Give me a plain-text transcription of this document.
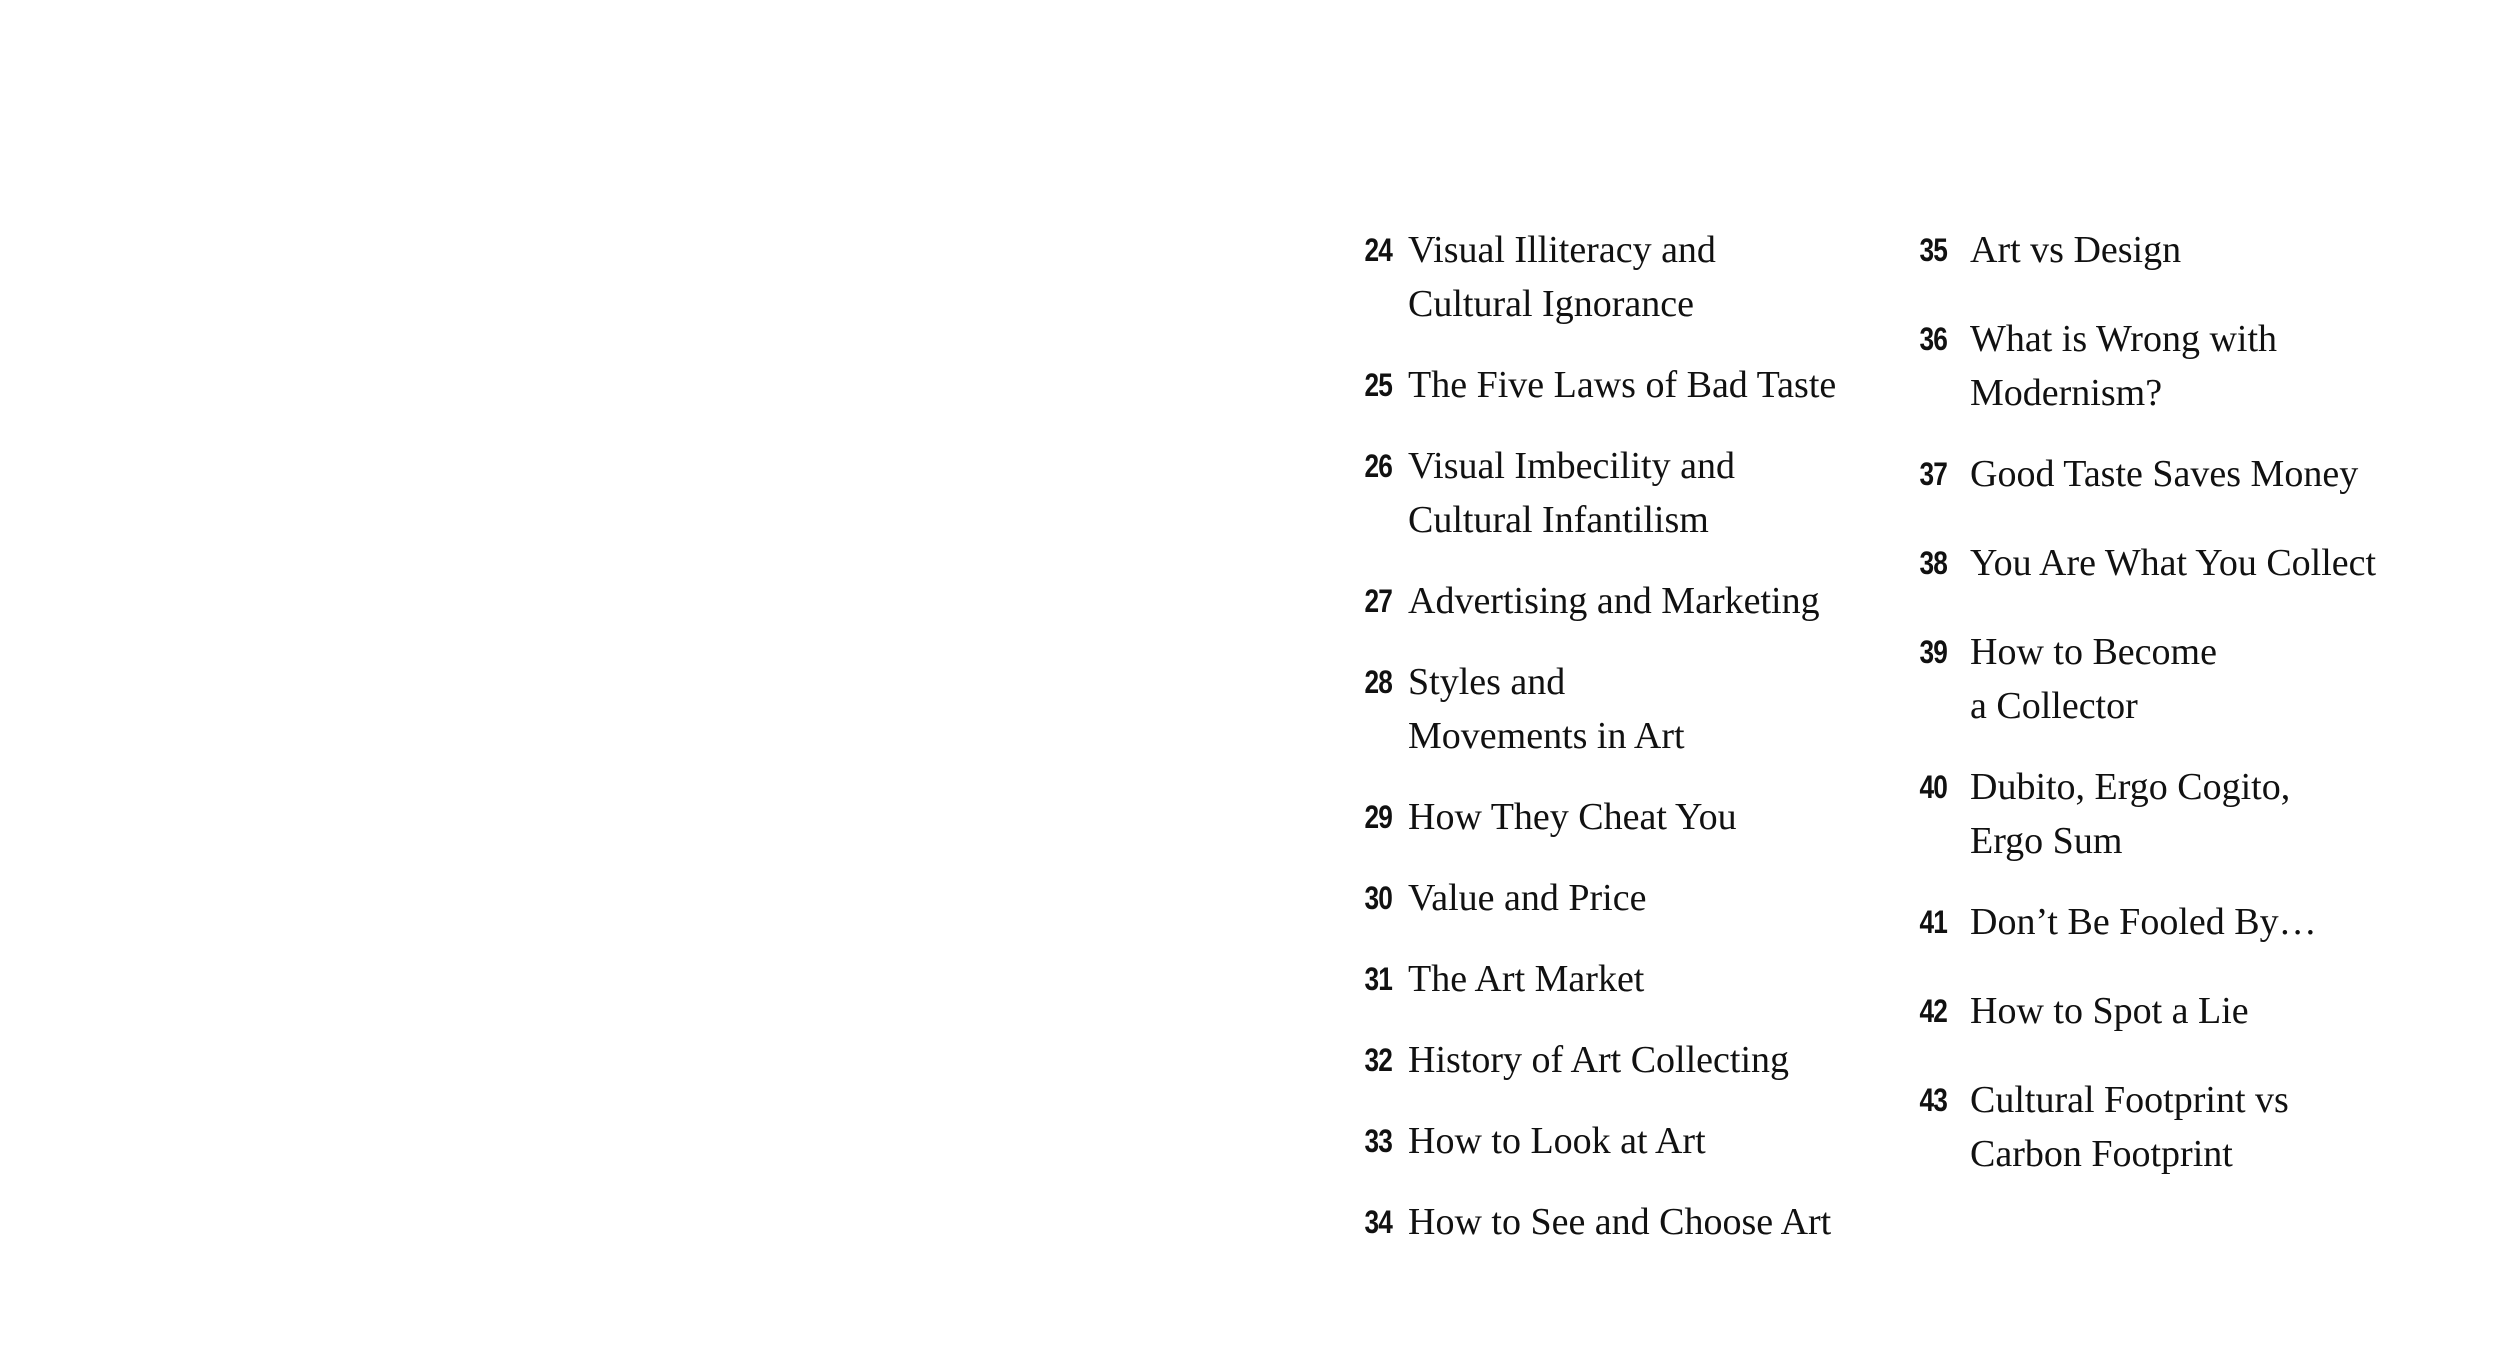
24 Visual Illiteracy and
Cultural Ignorance
25 The Five Laws of Bad Taste
26 Visual Imbecility and
Cultural Infantilism
27 Advertising and Marketing
28 Styles and
Movements in Art
29 How They Cheat You
30 Value and Price
31 The Art Market
32 History of Art Collecting
33 How to Look at Art
34 How to See and Choose Art
35 Art vs Design
36 What is Wrong with
Modernism?
37 Good Taste Saves Money
38 You Are What You Collect
39 How to Become
a Collector
40 Dubito, Ergo Cogito,
Ergo Sum
41 Don’t Be Fooled By…
42 How to Spot a Lie
43 Cultural Footprint vs
Carbon Footprint
